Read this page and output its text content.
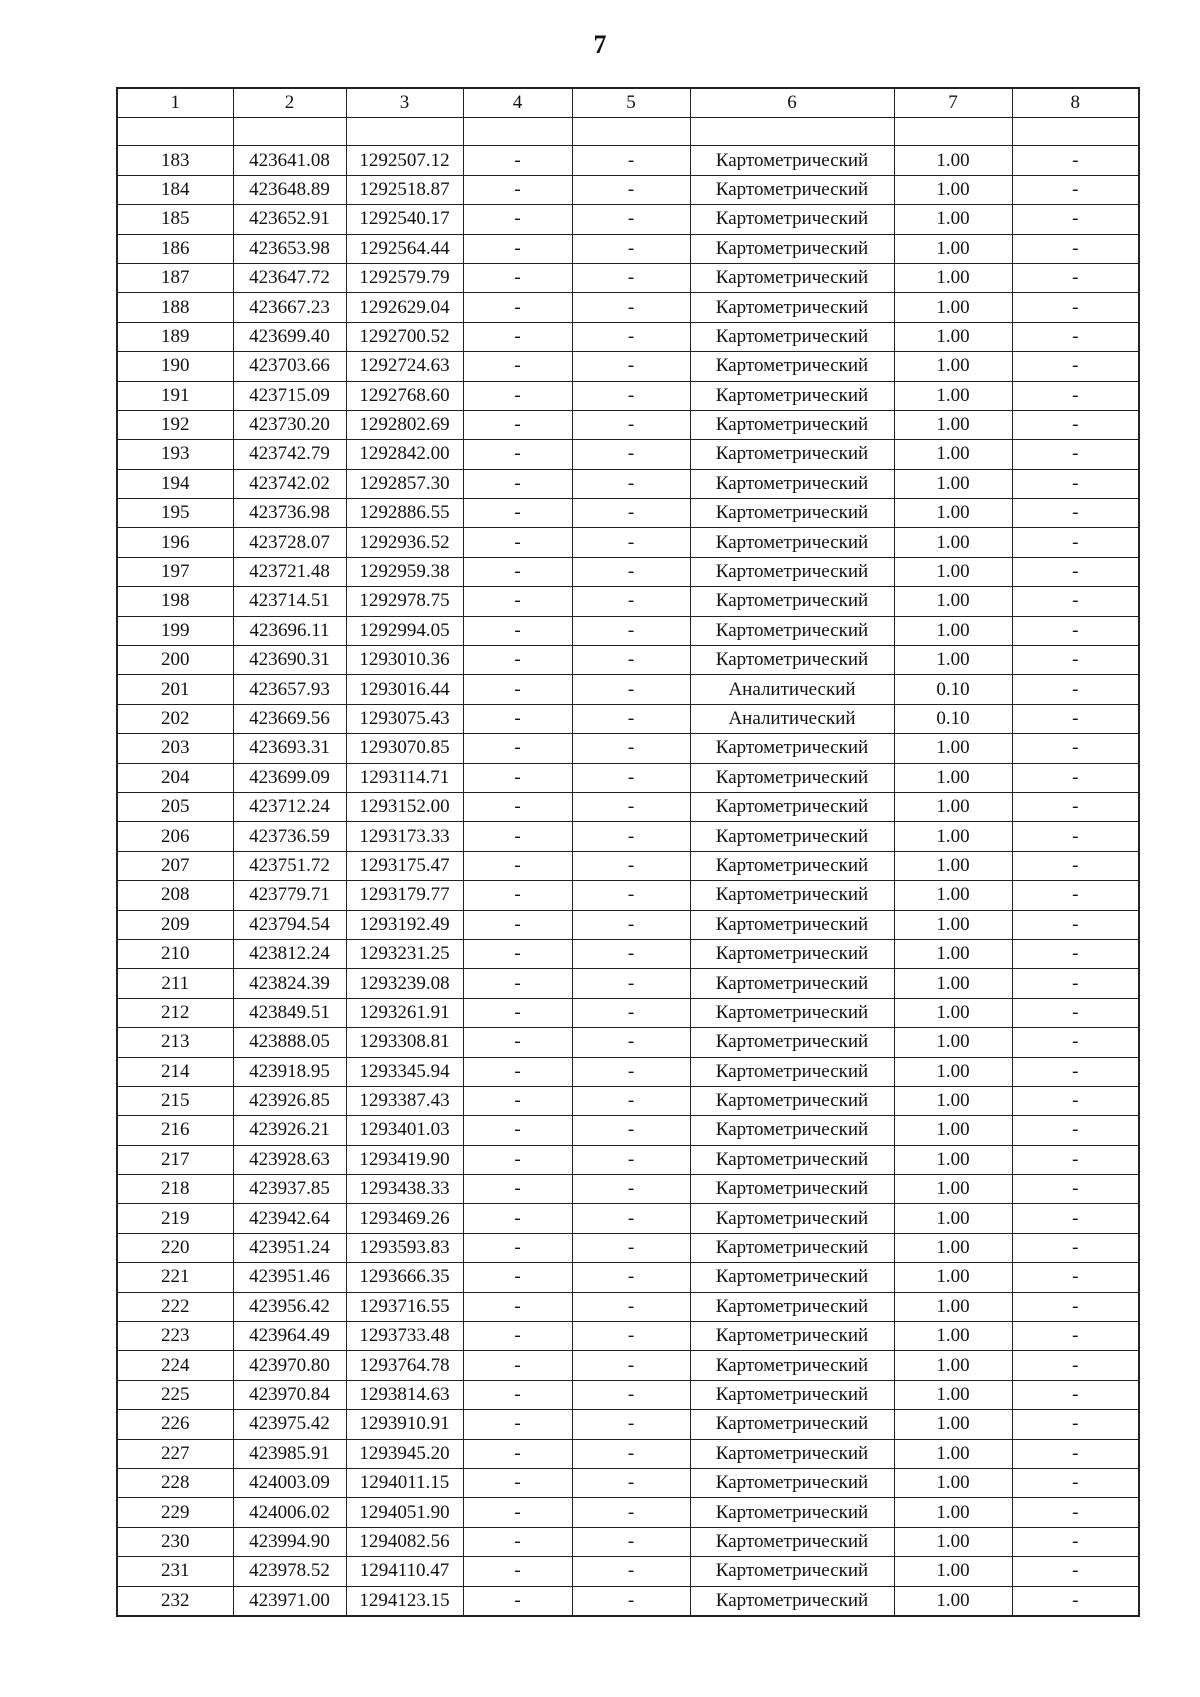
7
1	2	3	4	5	6	7	8

183	423641.08	1292507.12	-	-	Картометрический	1.00	-
184	423648.89	1292518.87	-	-	Картометрический	1.00	-
185	423652.91	1292540.17	-	-	Картометрический	1.00	-
186	423653.98	1292564.44	-	-	Картометрический	1.00	-
187	423647.72	1292579.79	-	-	Картометрический	1.00	-
188	423667.23	1292629.04	-	-	Картометрический	1.00	-
189	423699.40	1292700.52	-	-	Картометрический	1.00	-
190	423703.66	1292724.63	-	-	Картометрический	1.00	-
191	423715.09	1292768.60	-	-	Картометрический	1.00	-
192	423730.20	1292802.69	-	-	Картометрический	1.00	-
193	423742.79	1292842.00	-	-	Картометрический	1.00	-
194	423742.02	1292857.30	-	-	Картометрический	1.00	-
195	423736.98	1292886.55	-	-	Картометрический	1.00	-
196	423728.07	1292936.52	-	-	Картометрический	1.00	-
197	423721.48	1292959.38	-	-	Картометрический	1.00	-
198	423714.51	1292978.75	-	-	Картометрический	1.00	-
199	423696.11	1292994.05	-	-	Картометрический	1.00	-
200	423690.31	1293010.36	-	-	Картометрический	1.00	-
201	423657.93	1293016.44	-	-	Аналитический	0.10	-
202	423669.56	1293075.43	-	-	Аналитический	0.10	-
203	423693.31	1293070.85	-	-	Картометрический	1.00	-
204	423699.09	1293114.71	-	-	Картометрический	1.00	-
205	423712.24	1293152.00	-	-	Картометрический	1.00	-
206	423736.59	1293173.33	-	-	Картометрический	1.00	-
207	423751.72	1293175.47	-	-	Картометрический	1.00	-
208	423779.71	1293179.77	-	-	Картометрический	1.00	-
209	423794.54	1293192.49	-	-	Картометрический	1.00	-
210	423812.24	1293231.25	-	-	Картометрический	1.00	-
211	423824.39	1293239.08	-	-	Картометрический	1.00	-
212	423849.51	1293261.91	-	-	Картометрический	1.00	-
213	423888.05	1293308.81	-	-	Картометрический	1.00	-
214	423918.95	1293345.94	-	-	Картометрический	1.00	-
215	423926.85	1293387.43	-	-	Картометрический	1.00	-
216	423926.21	1293401.03	-	-	Картометрический	1.00	-
217	423928.63	1293419.90	-	-	Картометрический	1.00	-
218	423937.85	1293438.33	-	-	Картометрический	1.00	-
219	423942.64	1293469.26	-	-	Картометрический	1.00	-
220	423951.24	1293593.83	-	-	Картометрический	1.00	-
221	423951.46	1293666.35	-	-	Картометрический	1.00	-
222	423956.42	1293716.55	-	-	Картометрический	1.00	-
223	423964.49	1293733.48	-	-	Картометрический	1.00	-
224	423970.80	1293764.78	-	-	Картометрический	1.00	-
225	423970.84	1293814.63	-	-	Картометрический	1.00	-
226	423975.42	1293910.91	-	-	Картометрический	1.00	-
227	423985.91	1293945.20	-	-	Картометрический	1.00	-
228	424003.09	1294011.15	-	-	Картометрический	1.00	-
229	424006.02	1294051.90	-	-	Картометрический	1.00	-
230	423994.90	1294082.56	-	-	Картометрический	1.00	-
231	423978.52	1294110.47	-	-	Картометрический	1.00	-
232	423971.00	1294123.15	-	-	Картометрический	1.00	-
